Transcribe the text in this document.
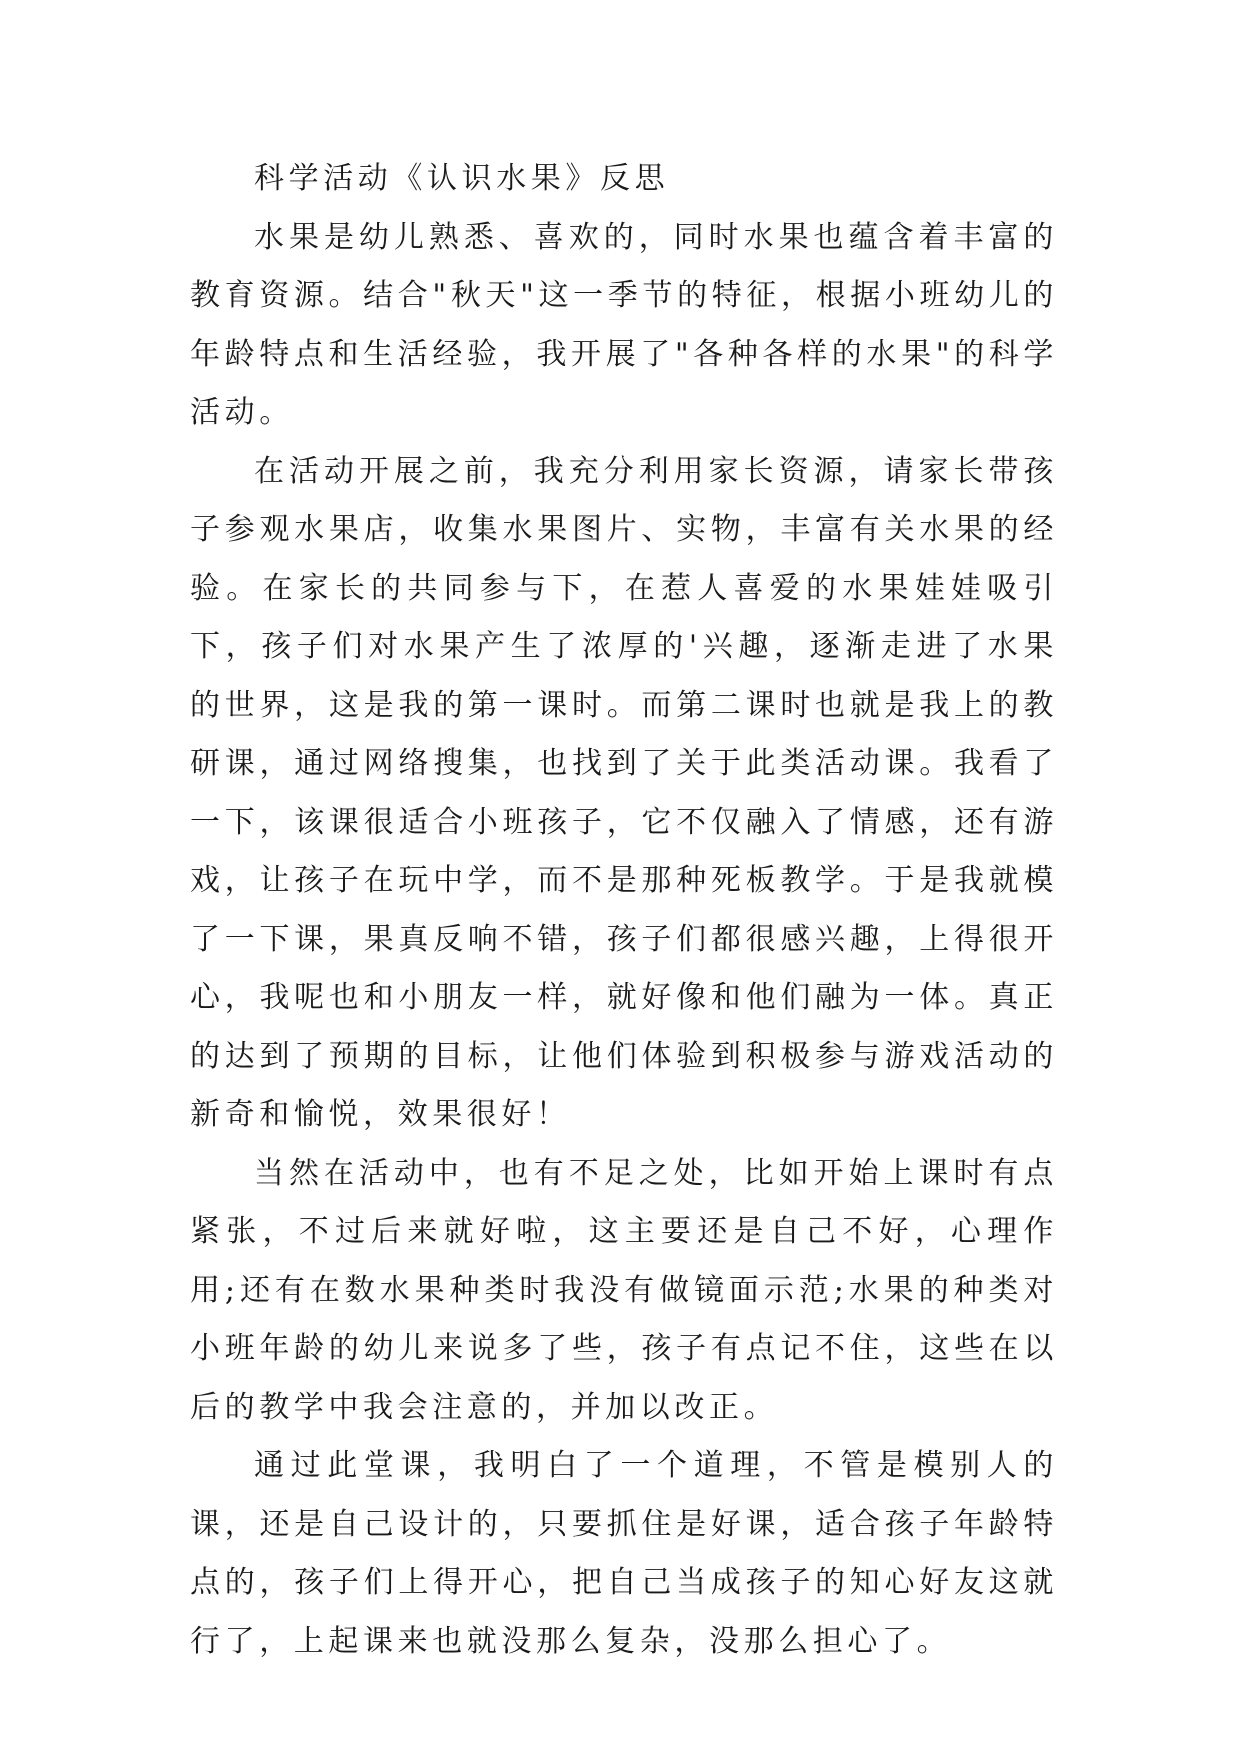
科学活动《认识水果》反思

水果是幼儿熟悉、喜欢的，同时水果也蕴含着丰富的教育资源。结合"秋天"这一季节的特征，根据小班幼儿的年龄特点和生活经验，我开展了"各种各样的水果"的科学活动。

在活动开展之前，我充分利用家长资源，请家长带孩子参观水果店，收集水果图片、实物，丰富有关水果的经验。在家长的共同参与下，在惹人喜爱的水果娃娃吸引下，孩子们对水果产生了浓厚的'兴趣，逐渐走进了水果的世界，这是我的第一课时。而第二课时也就是我上的教研课，通过网络搜集，也找到了关于此类活动课。我看了一下，该课很适合小班孩子，它不仅融入了情感，还有游戏，让孩子在玩中学，而不是那种死板教学。于是我就模了一下课，果真反响不错，孩子们都很感兴趣，上得很开心，我呢也和小朋友一样，就好像和他们融为一体。真正的达到了预期的目标，让他们体验到积极参与游戏活动的新奇和愉悦，效果很好！

当然在活动中，也有不足之处，比如开始上课时有点紧张，不过后来就好啦，这主要还是自己不好，心理作用;还有在数水果种类时我没有做镜面示范;水果的种类对小班年龄的幼儿来说多了些，孩子有点记不住，这些在以后的教学中我会注意的，并加以改正。

通过此堂课，我明白了一个道理，不管是模别人的课，还是自己设计的，只要抓住是好课，适合孩子年龄特点的，孩子们上得开心，把自己当成孩子的知心好友这就行了，上起课来也就没那么复杂，没那么担心了。
